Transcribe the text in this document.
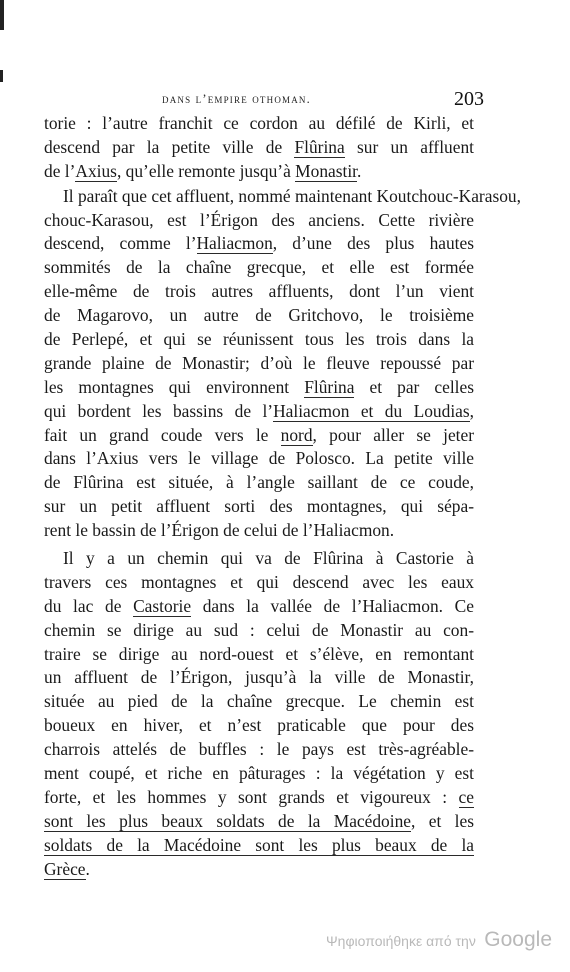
dans l’empire othoman.	203

torie : l’autre franchit ce cordon au défilé de Kirli, et
descend par la petite ville de Flûrina sur un affluent
de l’Axius, qu’elle remonte jusqu’à Monastir.

Il paraît que cet affluent, nommé maintenant Koutchouc-Karasou,
chouc-Karasou, est l’Érigon des anciens. Cette rivière
descend, comme l’Haliacmon, d’une des plus hautes
sommités de la chaîne grecque, et elle est formée
elle-même de trois autres affluents, dont l’un vient
de Magarovo, un autre de Gritchovo, le troisième
de Perlepé, et qui se réunissent tous les trois dans la
grande plaine de Monastir; d’où le fleuve repoussé par
les montagnes qui environnent Flûrina et par celles
qui bordent les bassins de l’Haliacmon et du Loudias,
fait un grand coude vers le nord, pour aller se jeter
dans l’Axius vers le village de Polosco. La petite ville
de Flûrina est située, à l’angle saillant de ce coude,
sur un petit affluent sorti des montagnes, qui sépa-
rent le bassin de l’Érigon de celui de l’Haliacmon.

Il y a un chemin qui va de Flûrina à Castorie à
travers ces montagnes et qui descend avec les eaux
du lac de Castorie dans la vallée de l’Haliacmon. Ce
chemin se dirige au sud : celui de Monastir au con-
traire se dirige au nord-ouest et s’élève, en remontant
un affluent de l’Érigon, jusqu’à la ville de Monastir,
située au pied de la chaîne grecque. Le chemin est
boueux en hiver, et n’est praticable que pour des
charrois attelés de buffles : le pays est très-agréable-
ment coupé, et riche en pâturages : la végétation y est
forte, et les hommes y sont grands et vigoureux : ce
sont les plus beaux soldats de la Macédoine, et les
soldats de la Macédoine sont les plus beaux de la
Grèce.

Ψηφιοποιήθηκε από την Google
